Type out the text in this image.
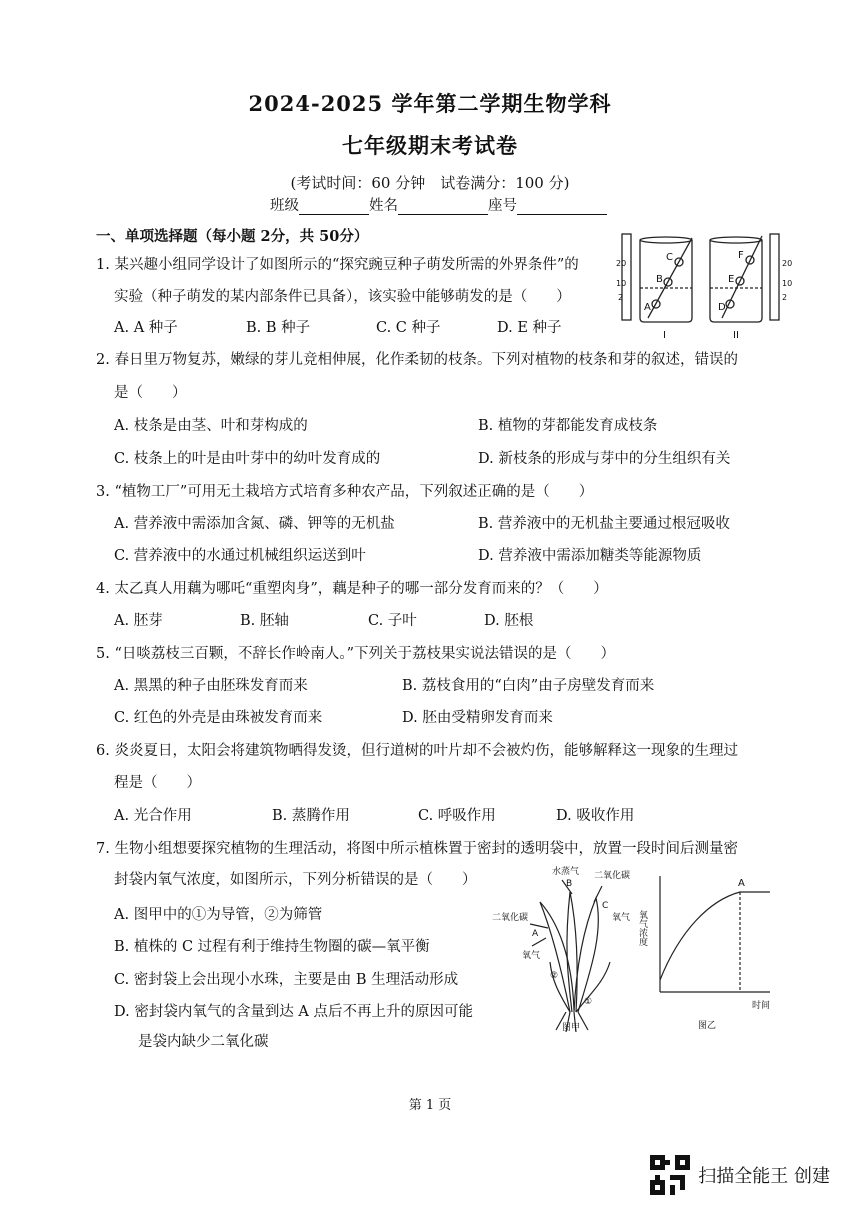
2024-2025 学年第二学期生物学科
七年级期末考试卷
(考试时间：60 分钟　试卷满分：100 分)
班级	姓名	座号
一、单项选择题（每小题 2分，共 50分）
1. 某兴趣小组同学设计了如图所示的“探究豌豆种子萌发所需的外界条件”的
实验（种子萌发的某内部条件已具备），该实验中能够萌发的是（　　）
A. A 种子	B. B 种子	C. C 种子	D. E 种子
C
B
A
F
E
D
20
10
2
20
10
2
I	II
2. 春日里万物复苏，嫩绿的芽儿竞相伸展，化作柔韧的枝条。下列对植物的枝条和芽的叙述，错误的
是（　　）
A. 枝条是由茎、叶和芽构成的	B. 植物的芽都能发育成枝条
C. 枝条上的叶是由叶芽中的幼叶发育成的	D. 新枝条的形成与芽中的分生组织有关
3. “植物工厂”可用无土栽培方式培育多种农产品，下列叙述正确的是（　　）
A. 营养液中需添加含氮、磷、钾等的无机盐	B. 营养液中的无机盐主要通过根冠吸收
C. 营养液中的水通过机械组织运送到叶	D. 营养液中需添加糖类等能源物质
4. 太乙真人用藕为哪吒“重塑肉身”，藕是种子的哪一部分发育而来的？（　　）
A. 胚芽	B. 胚轴	C. 子叶	D. 胚根
5. “日啖荔枝三百颗，不辞长作岭南人。”下列关于荔枝果实说法错误的是（　　）
A. 黑黑的种子由胚珠发育而来	B. 荔枝食用的“白肉”由子房壁发育而来
C. 红色的外壳是由珠被发育而来	D. 胚由受精卵发育而来
6. 炎炎夏日，太阳会将建筑物晒得发烫，但行道树的叶片却不会被灼伤，能够解释这一现象的生理过
程是（　　）
A. 光合作用	B. 蒸腾作用	C. 呼吸作用	D. 吸收作用
7. 生物小组想要探究植物的生理活动，将图中所示植株置于密封的透明袋中，放置一段时间后测量密
封袋内氧气浓度，如图所示，下列分析错误的是（　　）
A. 图甲中的①为导管，②为筛管
B. 植株的 C 过程有利于维持生物圈的碳—氧平衡
C. 密封袋上会出现小水珠，主要是由 B 生理活动形成
D. 密封袋内氧气的含量到达 A 点后不再上升的原因可能
是袋内缺少二氧化碳
水蒸气
B
二氧化碳
C
氧气
二氧化碳
A
氧气
②
①
图甲
氧气浓度
时间
A
图乙
第 1 页
扫描全能王 创建
